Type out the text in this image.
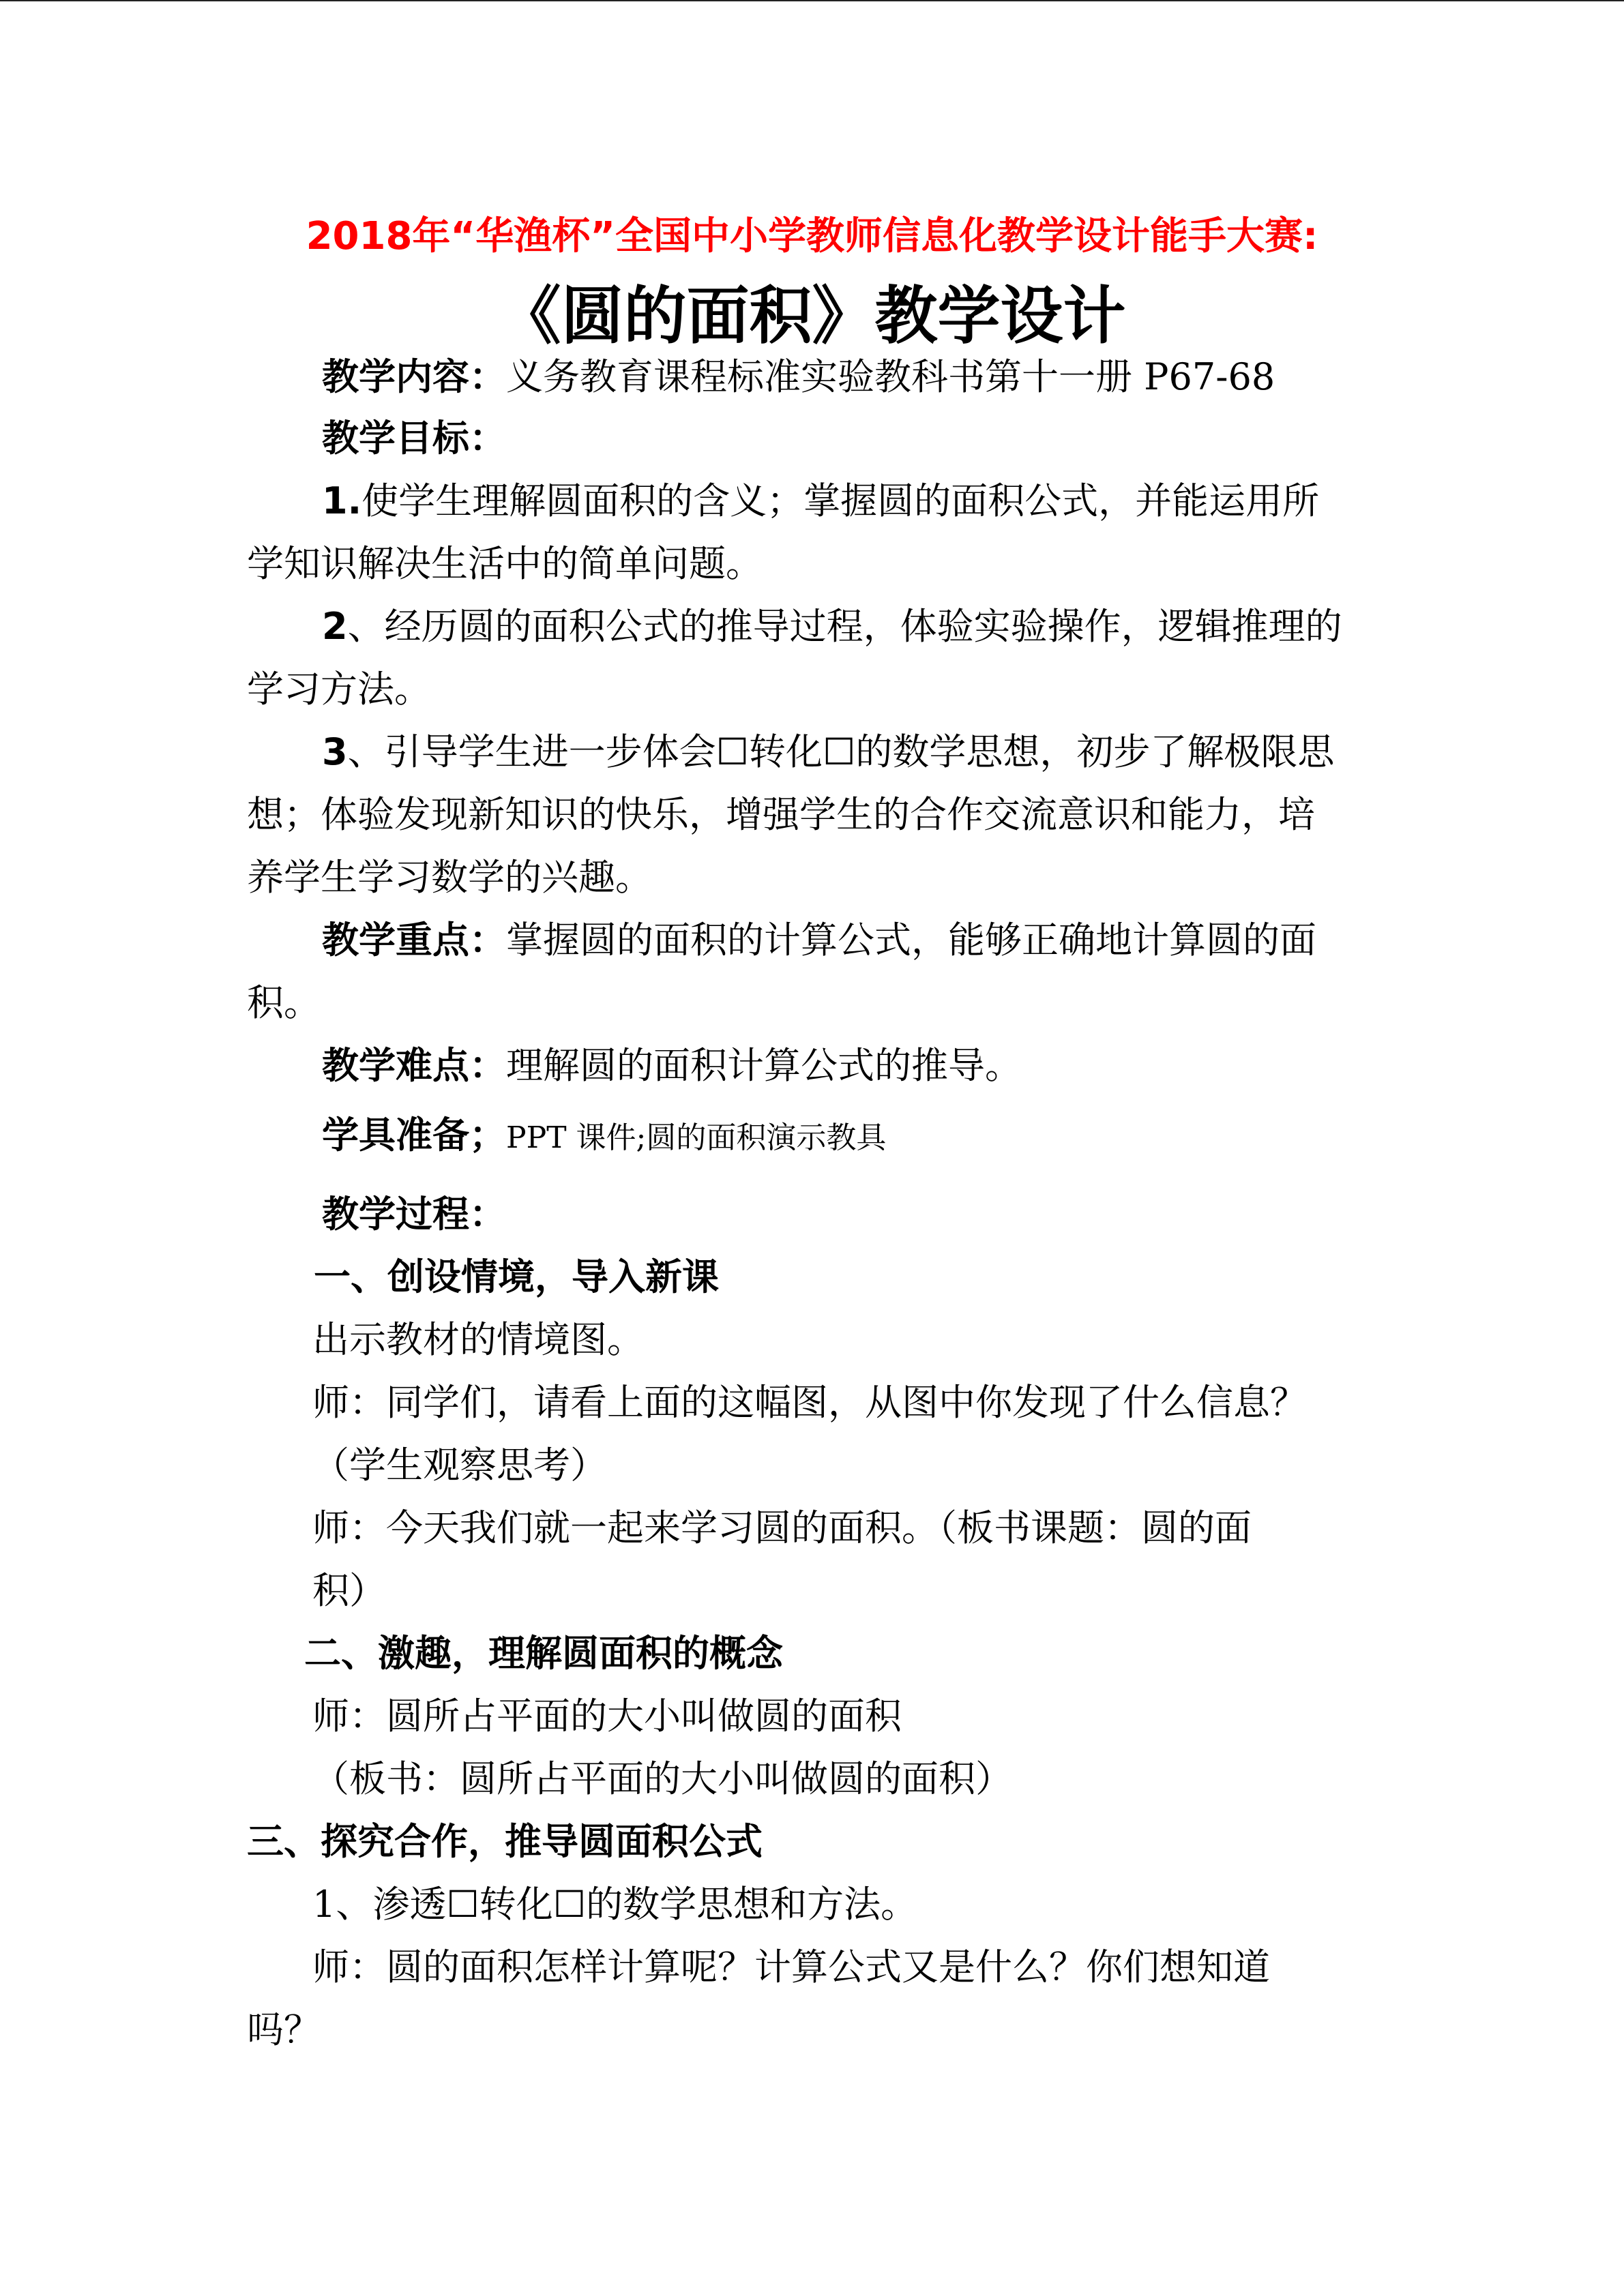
2018年“华渔杯”全国中小学教师信息化教学设计能手大赛:
《圆的面积》教学设计
教学内容：义务教育课程标准实验教科书第十一册 P67-68
教学目标：
1.使学生理解圆面积的含义；掌握圆的面积公式，并能运用所
学知识解决生活中的简单问题。
2、经历圆的面积公式的推导过程，体验实验操作，逻辑推理的
学习方法。
3、引导学生进一步体会☐转化☐的数学思想，初步了解极限思
想；体验发现新知识的快乐，增强学生的合作交流意识和能力，培
养学生学习数学的兴趣。
教学重点：掌握圆的面积的计算公式，能够正确地计算圆的面
积。
教学难点：理解圆的面积计算公式的推导。
学具准备；PPT 课件;圆的面积演示教具
教学过程：
一、创设情境，导入新课
出示教材的情境图。
师：同学们，请看上面的这幅图，从图中你发现了什么信息？
（学生观察思考）
师：今天我们就一起来学习圆的面积。（板书课题：圆的面
积）
二、激趣，理解圆面积的概念
师：圆所占平面的大小叫做圆的面积
（板书：圆所占平面的大小叫做圆的面积）
三、探究合作，推导圆面积公式
1、渗透☐转化☐的数学思想和方法。
师：圆的面积怎样计算呢？计算公式又是什么？你们想知道
吗？
